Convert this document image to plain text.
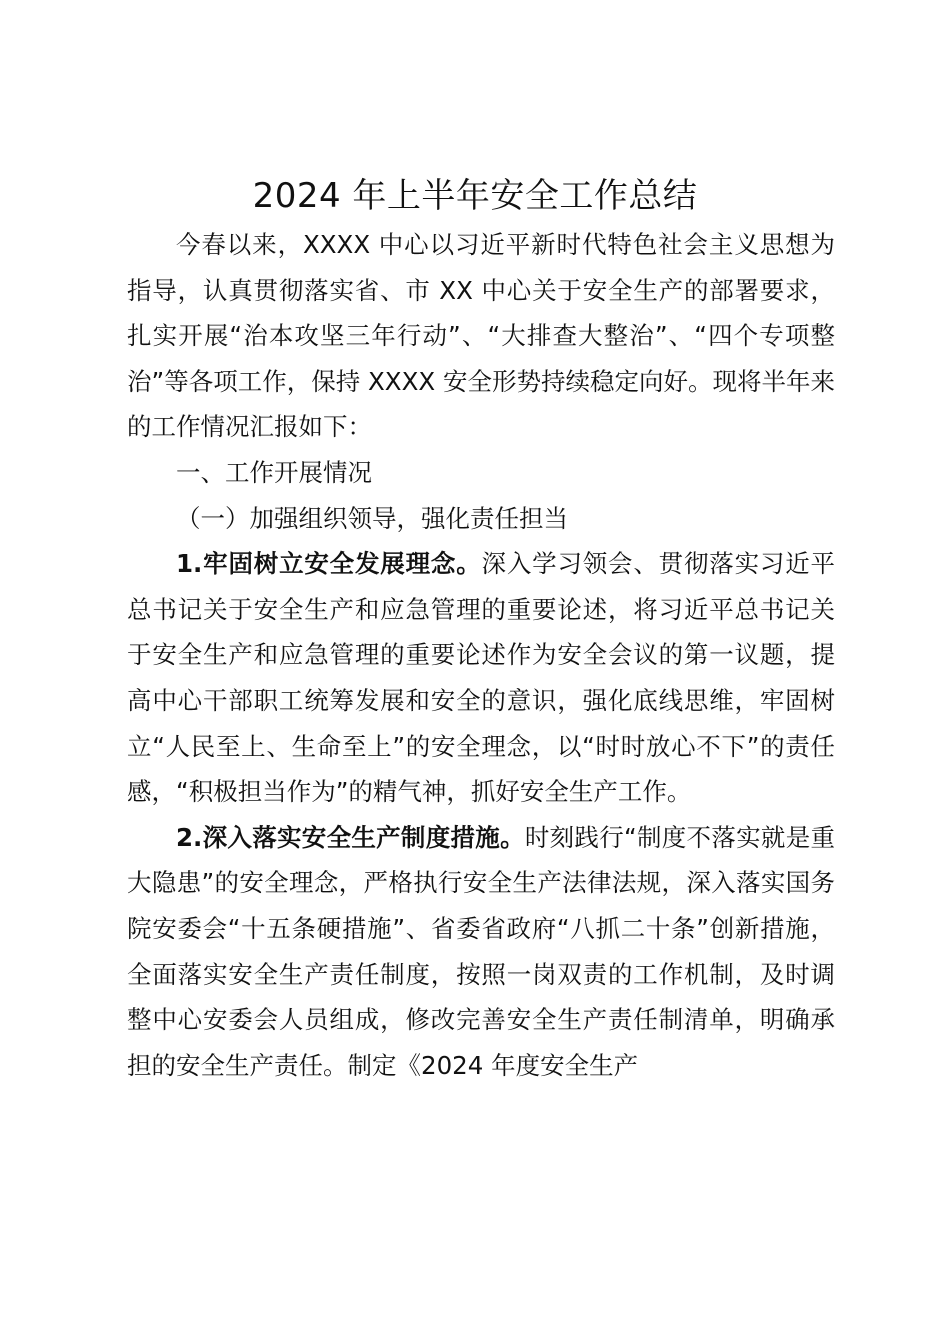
2024 年上半年安全工作总结

今春以来，XXXX 中心以习近平新时代特色社会主义思想为指导，认真贯彻落实省、市 XX 中心关于安全生产的部署要求，扎实开展“治本攻坚三年行动”、“大排查大整治”、“四个专项整治”等各项工作，保持 XXXX 安全形势持续稳定向好。现将半年来的工作情况汇报如下：

一、工作开展情况

（一）加强组织领导，强化责任担当

1.牢固树立安全发展理念。深入学习领会、贯彻落实习近平总书记关于安全生产和应急管理的重要论述，将习近平总书记关于安全生产和应急管理的重要论述作为安全会议的第一议题，提高中心干部职工统筹发展和安全的意识，强化底线思维，牢固树立“人民至上、生命至上”的安全理念，以“时时放心不下”的责任感，“积极担当作为”的精气神，抓好安全生产工作。

2.深入落实安全生产制度措施。时刻践行“制度不落实就是重大隐患”的安全理念，严格执行安全生产法律法规，深入落实国务院安委会“十五条硬措施”、省委省政府“八抓二十条”创新措施，全面落实安全生产责任制度，按照一岗双责的工作机制，及时调整中心安委会人员组成，修改完善安全生产责任制清单，明确承担的安全生产责任。制定《2024 年度安全生产
